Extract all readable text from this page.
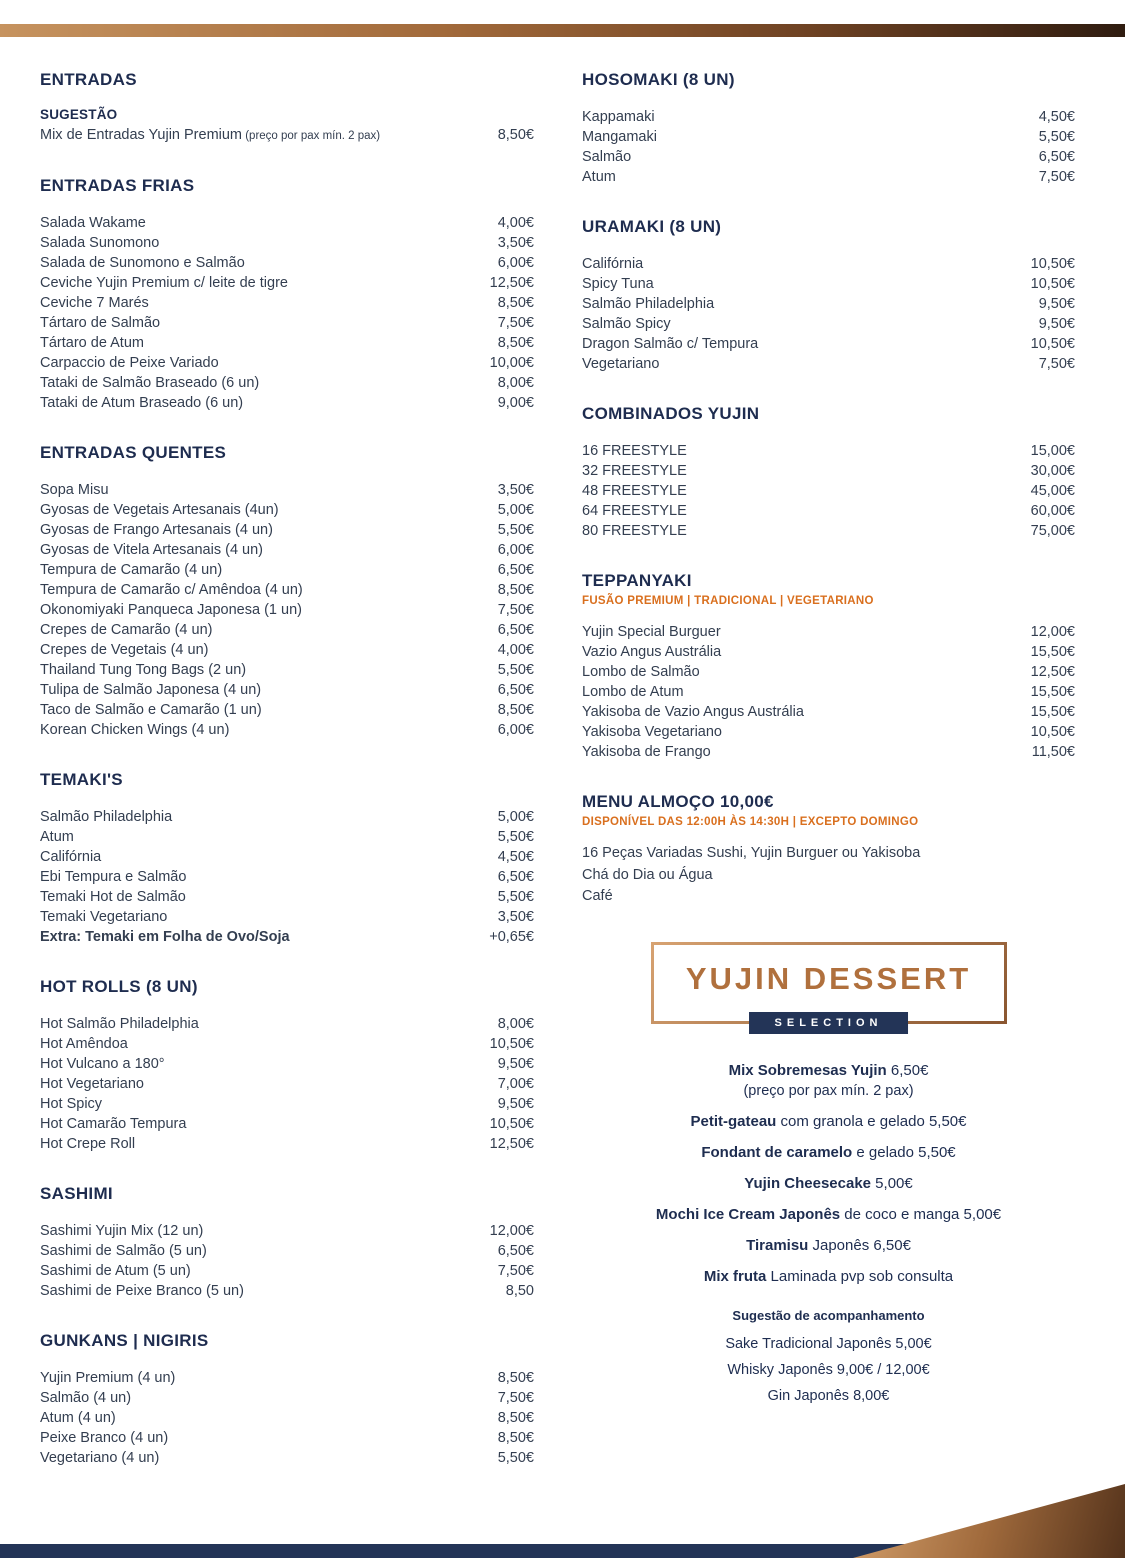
ENTRADAS
SUGESTÃO
Mix de Entradas Yujin Premium (preço por pax mín. 2 pax)	8,50€
ENTRADAS FRIAS
Salada Wakame	4,00€
Salada Sunomono	3,50€
Salada de Sunomono e Salmão	6,00€
Ceviche Yujin Premium c/ leite de tigre	12,50€
Ceviche 7 Marés	8,50€
Tártaro de Salmão	7,50€
Tártaro de Atum	8,50€
Carpaccio de Peixe Variado	10,00€
Tataki de Salmão Braseado (6 un)	8,00€
Tataki de Atum Braseado (6 un)	9,00€
ENTRADAS QUENTES
Sopa Misu	3,50€
Gyosas de Vegetais Artesanais (4un)	5,00€
Gyosas de Frango Artesanais (4 un)	5,50€
Gyosas de Vitela Artesanais (4 un)	6,00€
Tempura de Camarão (4 un)	6,50€
Tempura de Camarão c/ Amêndoa (4 un)	8,50€
Okonomiyaki Panqueca Japonesa (1 un)	7,50€
Crepes de Camarão (4 un)	6,50€
Crepes de Vegetais (4 un)	4,00€
Thailand Tung Tong Bags (2 un)	5,50€
Tulipa de Salmão Japonesa (4 un)	6,50€
Taco de Salmão e Camarão (1 un)	8,50€
Korean Chicken Wings (4 un)	6,00€
TEMAKI'S
Salmão Philadelphia	5,00€
Atum	5,50€
Califórnia	4,50€
Ebi Tempura e Salmão	6,50€
Temaki Hot de Salmão	5,50€
Temaki Vegetariano	3,50€
Extra: Temaki em Folha de Ovo/Soja	+0,65€
HOT ROLLS (8 UN)
Hot Salmão Philadelphia	8,00€
Hot Amêndoa	10,50€
Hot Vulcano a 180°	9,50€
Hot Vegetariano	7,00€
Hot Spicy	9,50€
Hot Camarão Tempura	10,50€
Hot Crepe Roll	12,50€
SASHIMI
Sashimi Yujin Mix (12 un)	12,00€
Sashimi de Salmão (5 un)	6,50€
Sashimi de Atum (5 un)	7,50€
Sashimi de Peixe Branco (5 un)	8,50
GUNKANS | NIGIRIS
Yujin Premium (4 un)	8,50€
Salmão (4 un)	7,50€
Atum (4 un)	8,50€
Peixe Branco (4 un)	8,50€
Vegetariano (4 un)	5,50€
HOSOMAKI (8 UN)
Kappamaki	4,50€
Mangamaki	5,50€
Salmão	6,50€
Atum	7,50€
URAMAKI (8 UN)
Califórnia	10,50€
Spicy Tuna	10,50€
Salmão Philadelphia	9,50€
Salmão Spicy	9,50€
Dragon Salmão c/ Tempura	10,50€
Vegetariano	7,50€
COMBINADOS YUJIN
16 FREESTYLE	15,00€
32 FREESTYLE	30,00€
48 FREESTYLE	45,00€
64 FREESTYLE	60,00€
80 FREESTYLE	75,00€
TEPPANYAKI
FUSÃO PREMIUM | TRADICIONAL | VEGETARIANO
Yujin Special Burguer	12,00€
Vazio Angus Austrália	15,50€
Lombo de Salmão	12,50€
Lombo de Atum	15,50€
Yakisoba de Vazio Angus Austrália	15,50€
Yakisoba Vegetariano	10,50€
Yakisoba de Frango	11,50€
MENU ALMOÇO 10,00€
DISPONÍVEL DAS 12:00H ÀS 14:30H | EXCEPTO DOMINGO
16 Peças Variadas Sushi, Yujin Burguer ou Yakisoba
Chá do Dia ou Água
Café
YUJIN DESSERT
SELECTION
Mix Sobremesas Yujin 6,50€
(preço por pax mín. 2 pax)
Petit-gateau com granola e gelado 5,50€
Fondant de caramelo e gelado 5,50€
Yujin Cheesecake 5,00€
Mochi Ice Cream Japonês de coco e manga 5,00€
Tiramisu Japonês 6,50€
Mix fruta Laminada pvp sob consulta
Sugestão de acompanhamento
Sake Tradicional Japonês 5,00€
Whisky Japonês 9,00€ / 12,00€
Gin Japonês 8,00€
